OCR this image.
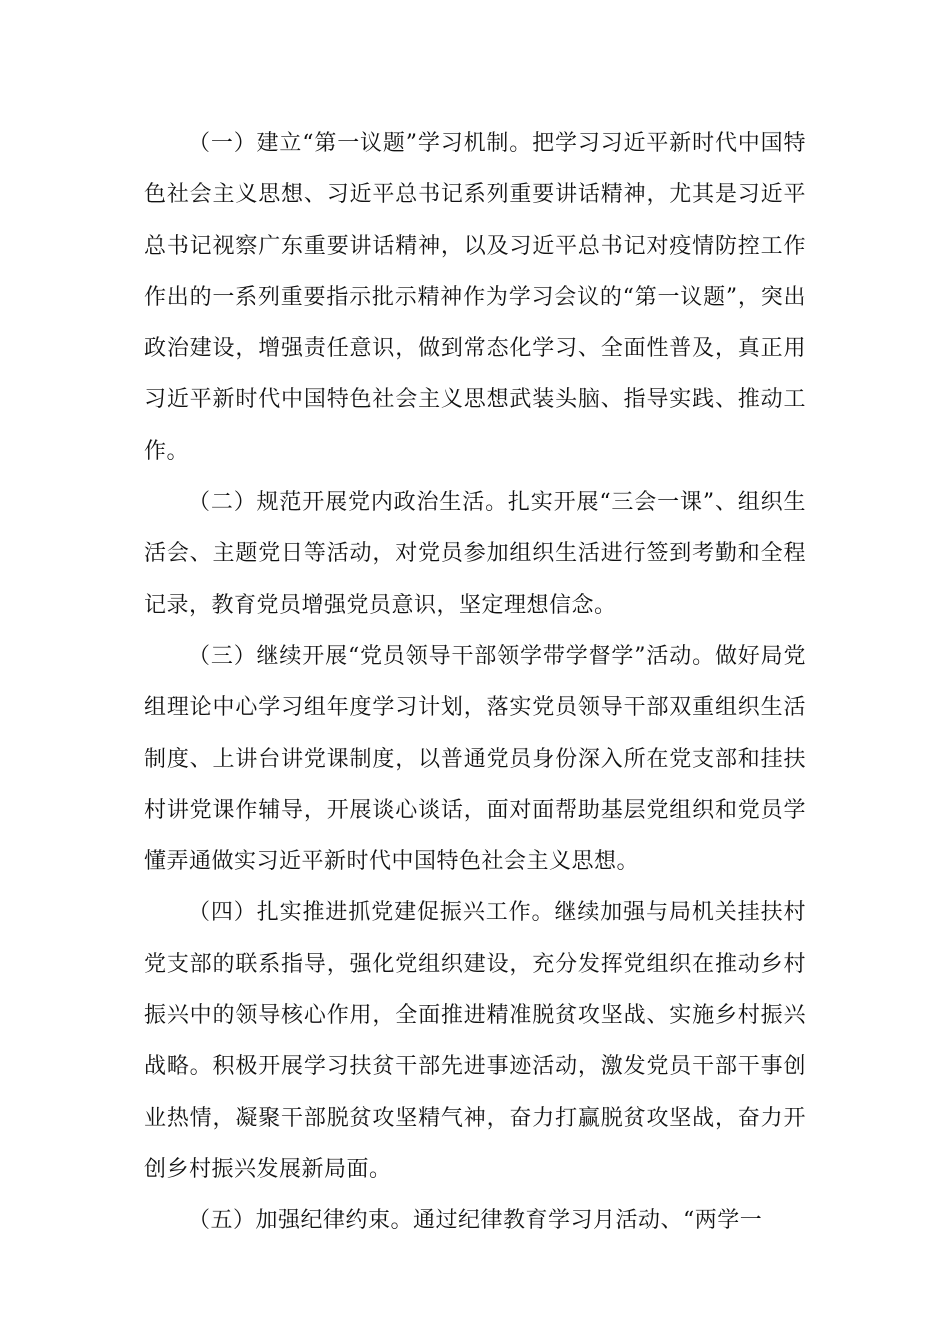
（一）建立“第一议题”学习机制。把学习习近平新时代中国特色社会主义思想、习近平总书记系列重要讲话精神，尤其是习近平总书记视察广东重要讲话精神，以及习近平总书记对疫情防控工作作出的一系列重要指示批示精神作为学习会议的“第一议题”，突出政治建设，增强责任意识，做到常态化学习、全面性普及，真正用习近平新时代中国特色社会主义思想武装头脑、指导实践、推动工作。

（二）规范开展党内政治生活。扎实开展“三会一课”、组织生活会、主题党日等活动，对党员参加组织生活进行签到考勤和全程记录，教育党员增强党员意识，坚定理想信念。

（三）继续开展“党员领导干部领学带学督学”活动。做好局党组理论中心学习组年度学习计划，落实党员领导干部双重组织生活制度、上讲台讲党课制度，以普通党员身份深入所在党支部和挂扶村讲党课作辅导，开展谈心谈话，面对面帮助基层党组织和党员学懂弄通做实习近平新时代中国特色社会主义思想。

（四）扎实推进抓党建促振兴工作。继续加强与局机关挂扶村党支部的联系指导，强化党组织建设，充分发挥党组织在推动乡村振兴中的领导核心作用，全面推进精准脱贫攻坚战、实施乡村振兴战略。积极开展学习扶贫干部先进事迹活动，激发党员干部干事创业热情，凝聚干部脱贫攻坚精气神，奋力打赢脱贫攻坚战，奋力开创乡村振兴发展新局面。

（五）加强纪律约束。通过纪律教育学习月活动、“两学一
